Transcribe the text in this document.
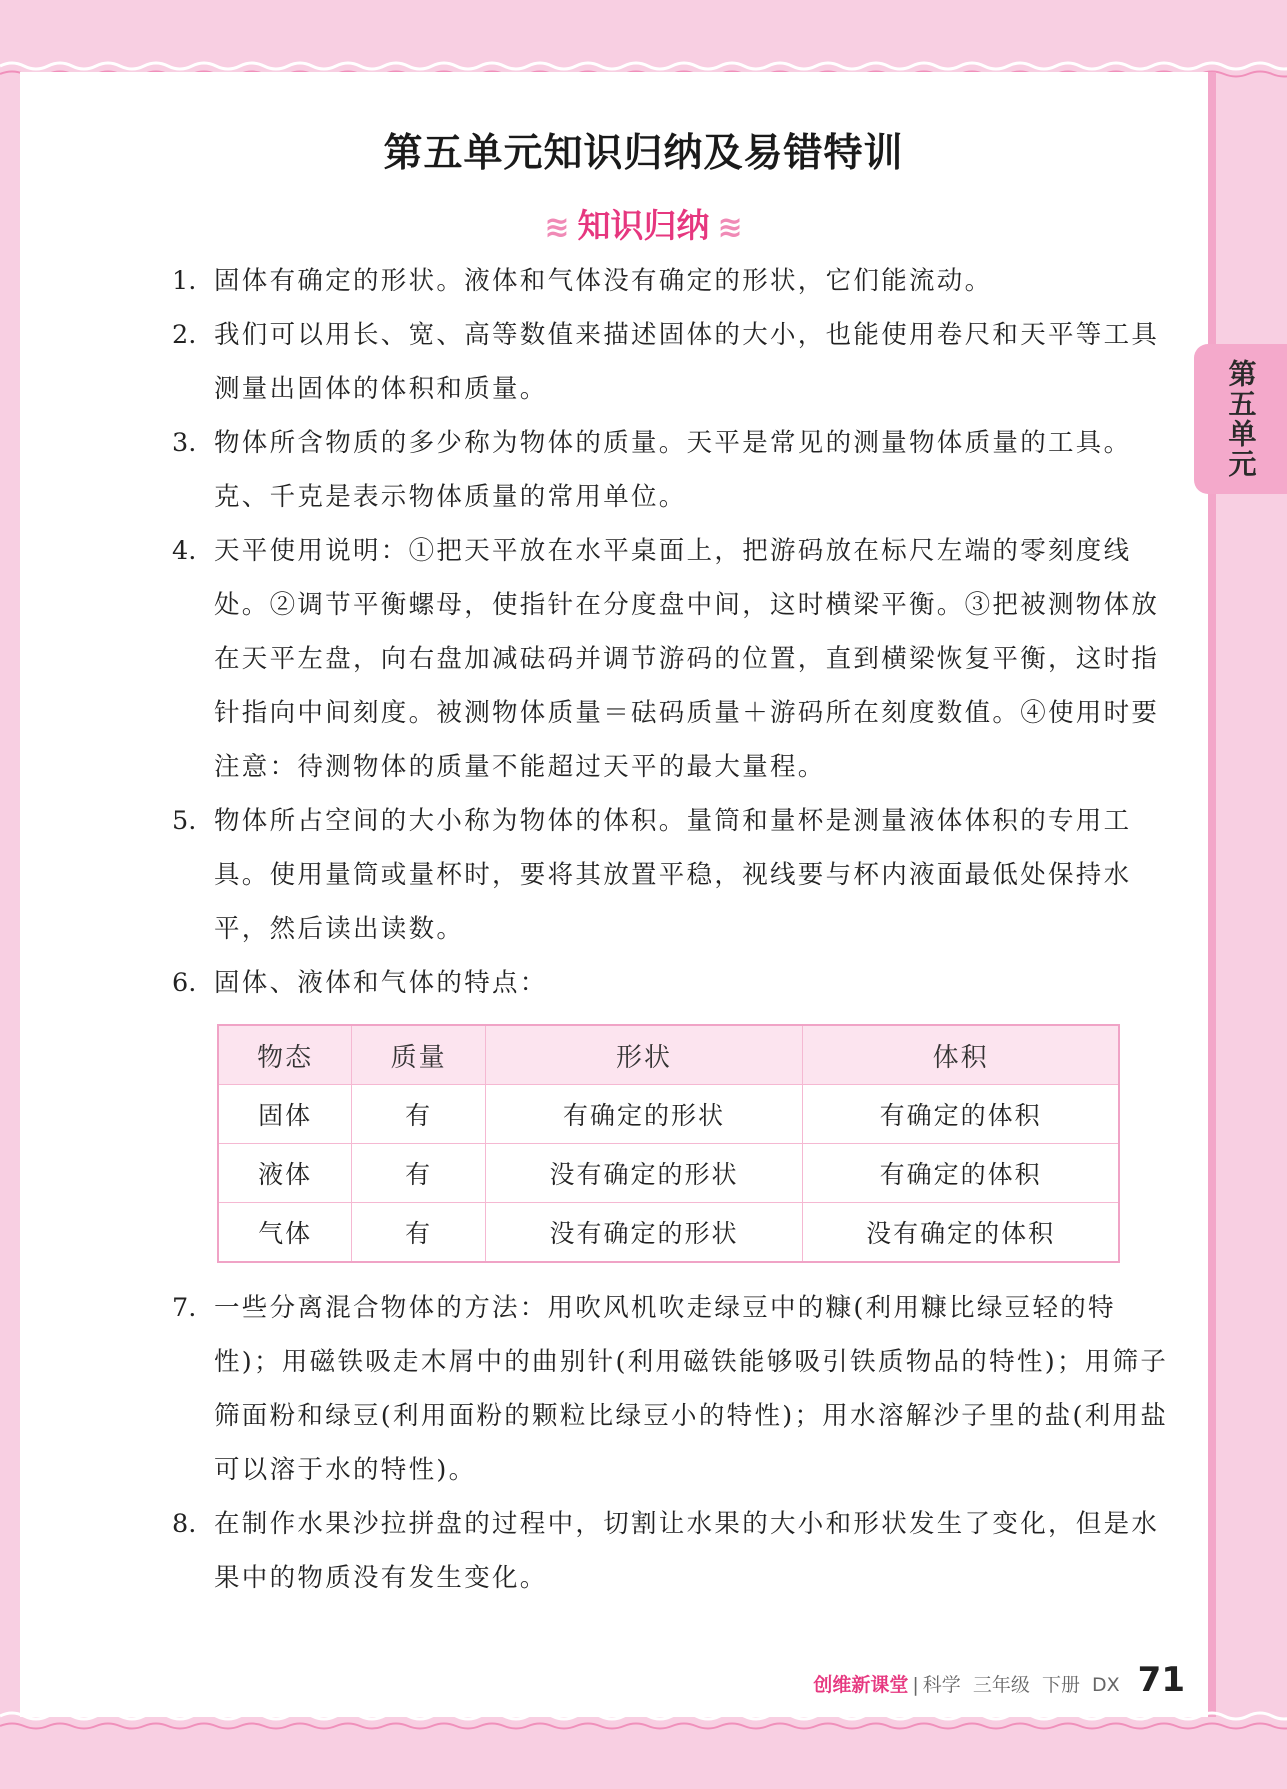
第五单元
第五单元知识归纳及易错特训
≋ 知识归纳 ≋
1. 固体有确定的形状。液体和气体没有确定的形状，它们能流动。
2. 我们可以用长、宽、高等数值来描述固体的大小，也能使用卷尺和天平等工具测量出固体的体积和质量。
3. 物体所含物质的多少称为物体的质量。天平是常见的测量物体质量的工具。克、千克是表示物体质量的常用单位。
4. 天平使用说明：①把天平放在水平桌面上，把游码放在标尺左端的零刻度线处。②调节平衡螺母，使指针在分度盘中间，这时横梁平衡。③把被测物体放在天平左盘，向右盘加减砝码并调节游码的位置，直到横梁恢复平衡，这时指针指向中间刻度。被测物体质量＝砝码质量＋游码所在刻度数值。④使用时要注意：待测物体的质量不能超过天平的最大量程。
5. 物体所占空间的大小称为物体的体积。量筒和量杯是测量液体体积的专用工具。使用量筒或量杯时，要将其放置平稳，视线要与杯内液面最低处保持水平，然后读出读数。
6. 固体、液体和气体的特点：
物态	质量	形状	体积
固体	有	有确定的形状	有确定的体积
液体	有	没有确定的形状	有确定的体积
气体	有	没有确定的形状	没有确定的体积
7. 一些分离混合物体的方法：用吹风机吹走绿豆中的糠(利用糠比绿豆轻的特性)；用磁铁吸走木屑中的曲别针(利用磁铁能够吸引铁质物品的特性)；用筛子筛面粉和绿豆(利用面粉的颗粒比绿豆小的特性)；用水溶解沙子里的盐(利用盐可以溶于水的特性)。
8. 在制作水果沙拉拼盘的过程中，切割让水果的大小和形状发生了变化，但是水果中的物质没有发生变化。
创维新课堂 | 科学  三年级  下册  DX 71
